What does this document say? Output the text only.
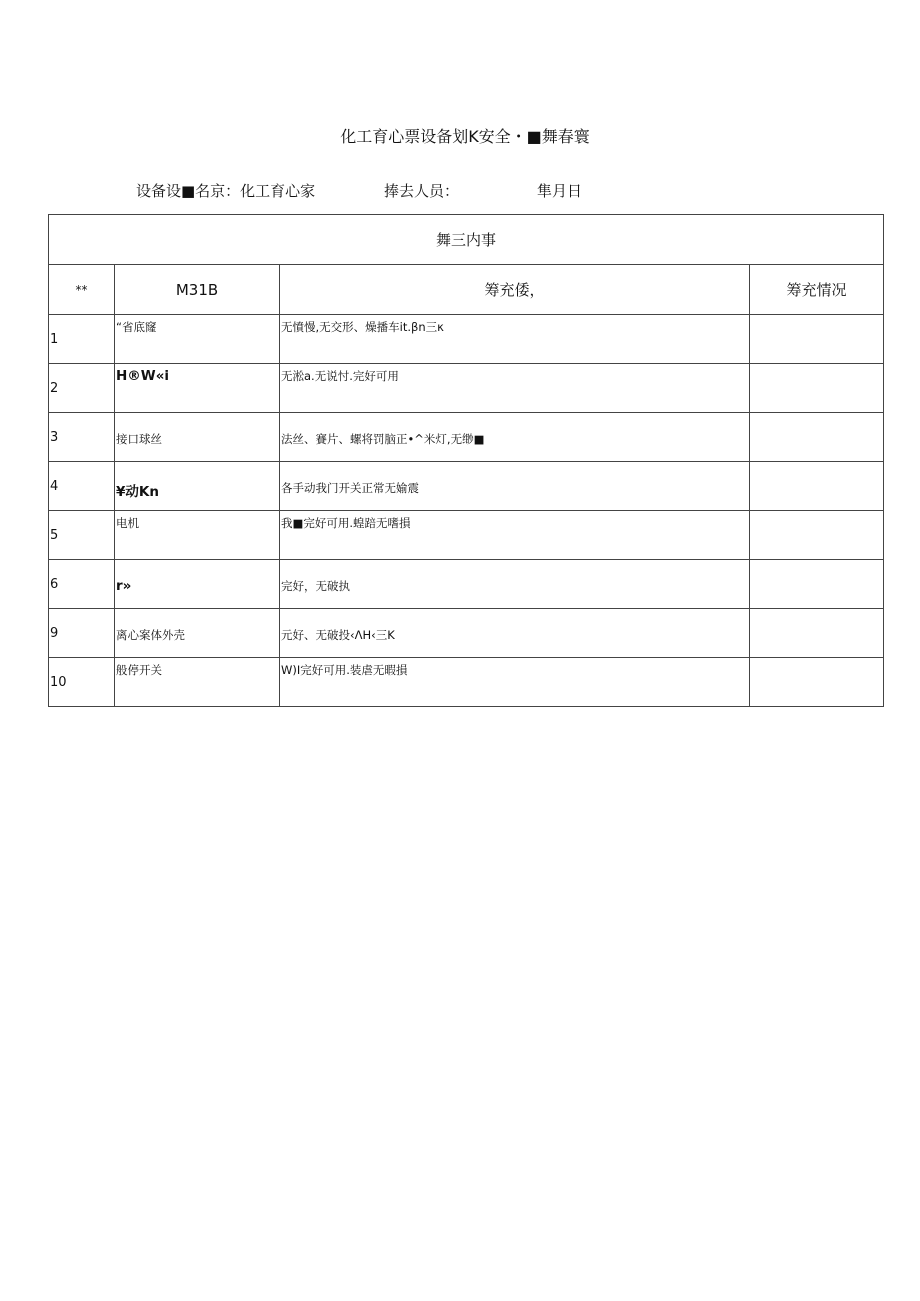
化工育心票设备划K安全・■舞春寰
设备设■名京：化工育心家	捧去人员：	隼月日
舞三内事			
**	M31B	筹充倭，	筹充情况

1	“省底窿	无憤慢,无交形、燥播车it.βn三κ	

2	H®W«i	无淞a.无说忖.完好可用	

3	接口球丝	法丝、賽片、螺将罚脑正•^米灯,无缈■	

4	¥动Kn	各手动我门开关正常无媮震	

5	电机	我■完好可用.蝗踣无嗜損	

6	r»	完好，无破执	

9	离心案体外壳	元好、无破投‹ΛH‹三K	

10	般停开关	W)I完好可用.装虐无暇損	
